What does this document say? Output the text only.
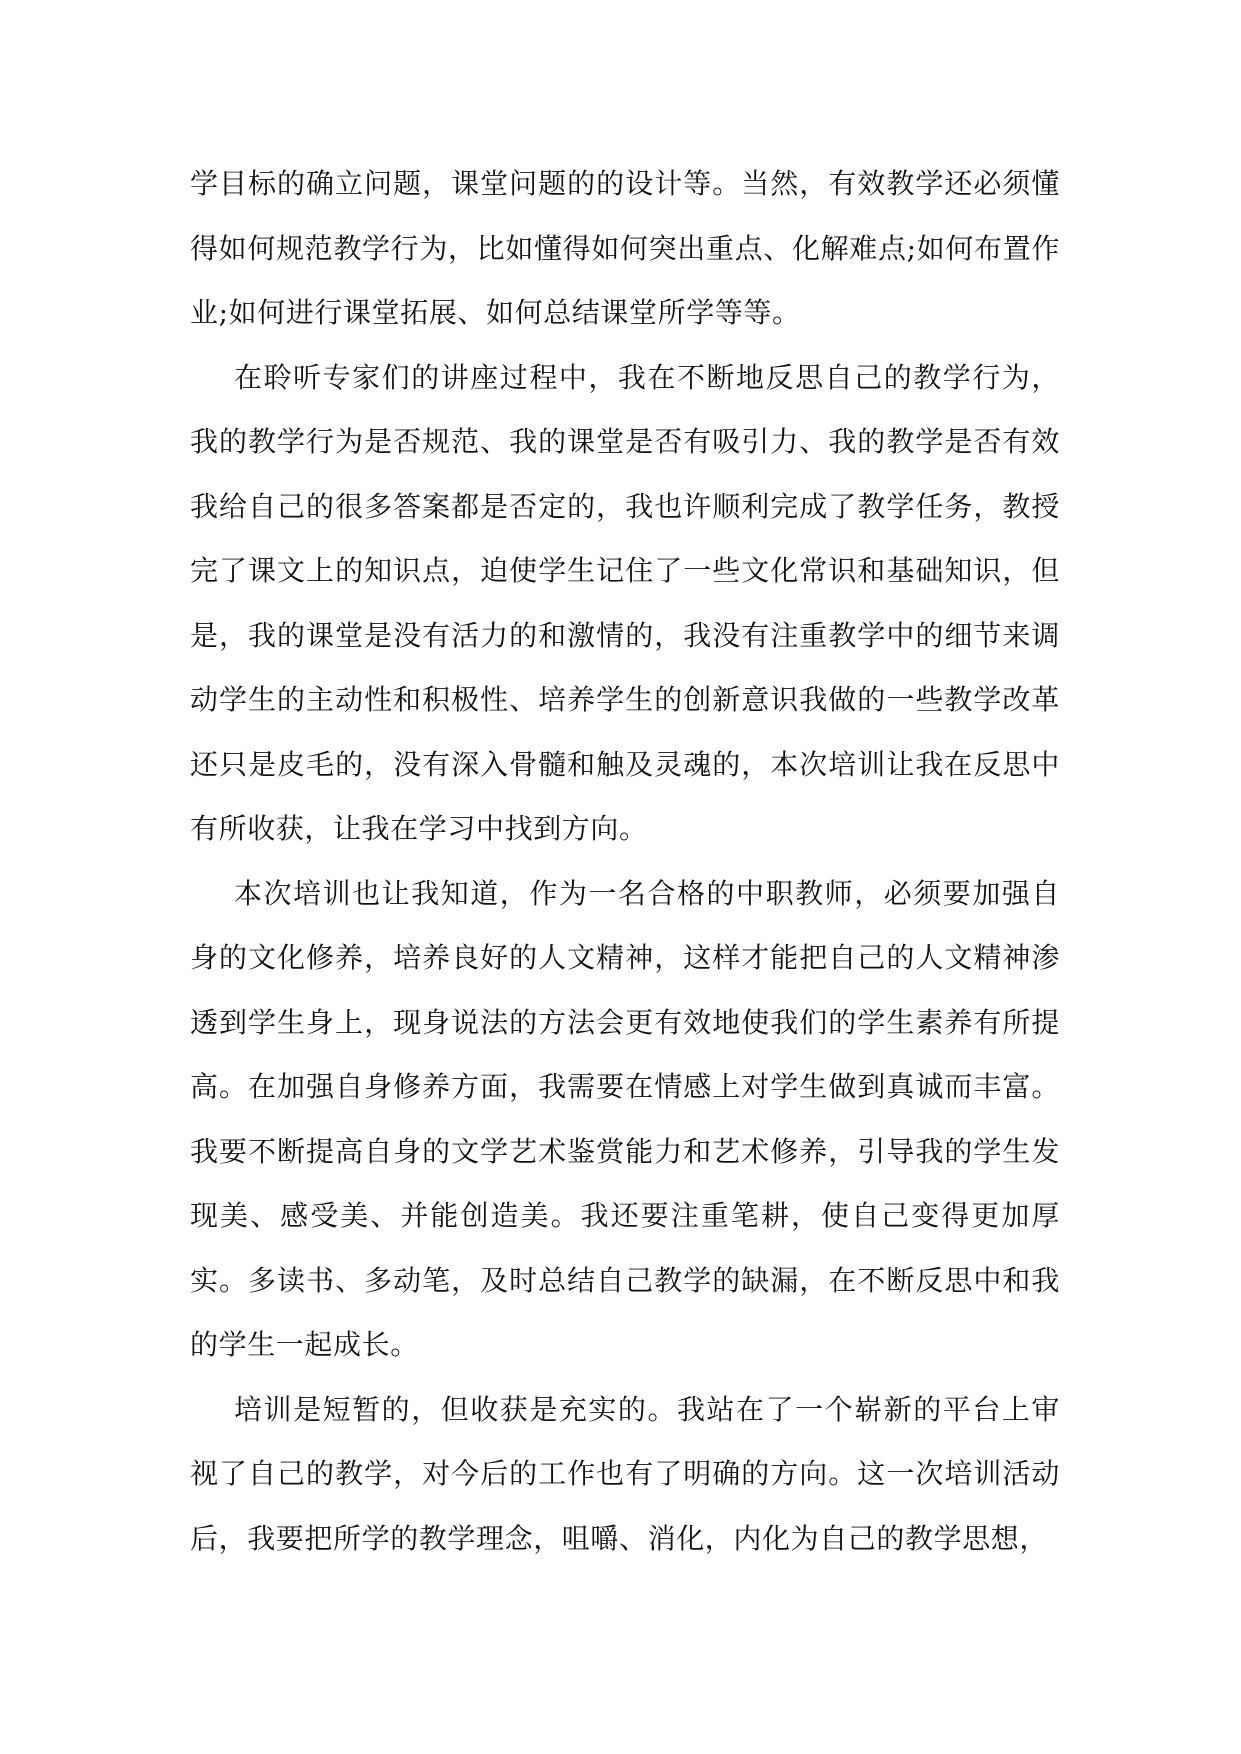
学目标的确立问题，课堂问题的的设计等。当然，有效教学还必须懂得如何规范教学行为，比如懂得如何突出重点、化解难点;如何布置作业;如何进行课堂拓展、如何总结课堂所学等等。

在聆听专家们的讲座过程中，我在不断地反思自己的教学行为，我的教学行为是否规范、我的课堂是否有吸引力、我的教学是否有效我给自己的很多答案都是否定的，我也许顺利完成了教学任务，教授完了课文上的知识点，迫使学生记住了一些文化常识和基础知识，但是，我的课堂是没有活力的和激情的，我没有注重教学中的细节来调动学生的主动性和积极性、培养学生的创新意识我做的一些教学改革还只是皮毛的，没有深入骨髓和触及灵魂的，本次培训让我在反思中有所收获，让我在学习中找到方向。

本次培训也让我知道，作为一名合格的中职教师，必须要加强自身的文化修养，培养良好的人文精神，这样才能把自己的人文精神渗透到学生身上，现身说法的方法会更有效地使我们的学生素养有所提高。在加强自身修养方面，我需要在情感上对学生做到真诚而丰富。我要不断提高自身的文学艺术鉴赏能力和艺术修养，引导我的学生发现美、感受美、并能创造美。我还要注重笔耕，使自己变得更加厚实。多读书、多动笔，及时总结自己教学的缺漏，在不断反思中和我的学生一起成长。

培训是短暂的，但收获是充实的。我站在了一个崭新的平台上审视了自己的教学，对今后的工作也有了明确的方向。这一次培训活动后，我要把所学的教学理念，咀嚼、消化，内化为自己的教学思想，
